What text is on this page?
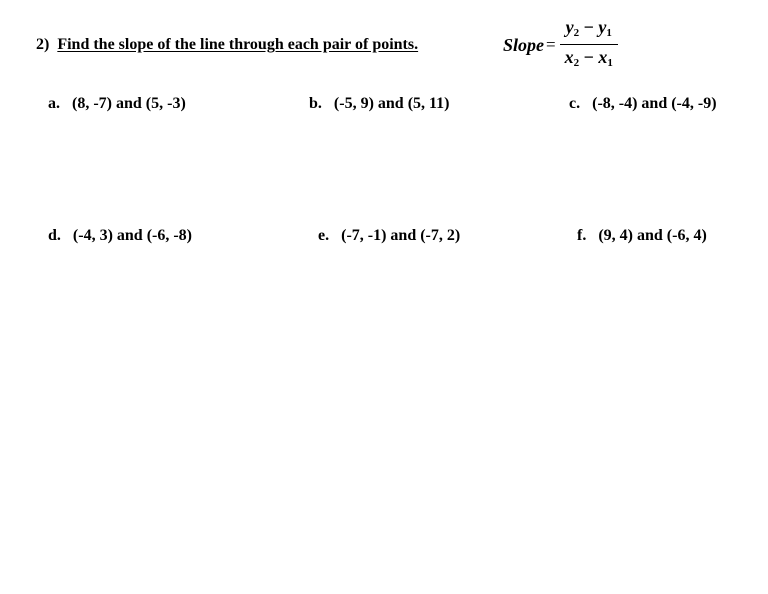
2) Find the slope of the line through each pair of points.	Slope = $\frac{y_2 - y_1}{x_2 - x_1}$
a. (8, -7) and (5, -3)	b. (-5, 9) and (5, 11)	c. (-8, -4) and (-4, -9)
d. (-4, 3) and (-6, -8)	e. (-7, -1) and (-7, 2)	f. (9, 4) and (-6, 4)
